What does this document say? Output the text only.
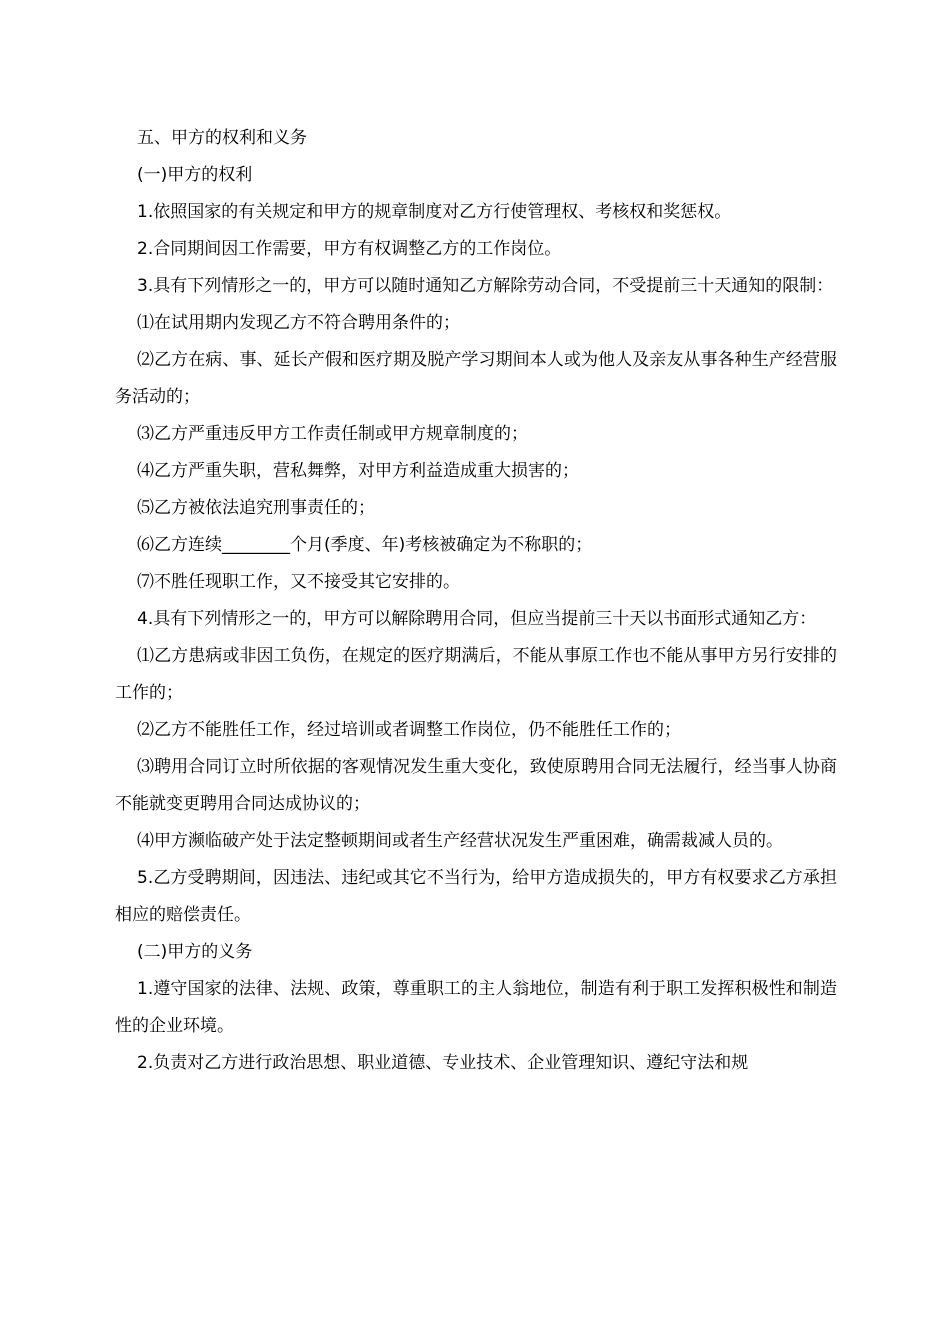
五、甲方的权利和义务

(一)甲方的权利

1.依照国家的有关规定和甲方的规章制度对乙方行使管理权、考核权和奖惩权。

2.合同期间因工作需要，甲方有权调整乙方的工作岗位。

3.具有下列情形之一的，甲方可以随时通知乙方解除劳动合同，不受提前三十天通知的限制：

⑴在试用期内发现乙方不符合聘用条件的；

⑵乙方在病、事、延长产假和医疗期及脱产学习期间本人或为他人及亲友从事各种生产经营服务活动的；

⑶乙方严重违反甲方工作责任制或甲方规章制度的；

⑷乙方严重失职，营私舞弊，对甲方利益造成重大损害的；

⑸乙方被依法追究刑事责任的；

⑹乙方连续________个月(季度、年)考核被确定为不称职的；

⑺不胜任现职工作，又不接受其它安排的。

4.具有下列情形之一的，甲方可以解除聘用合同，但应当提前三十天以书面形式通知乙方：

⑴乙方患病或非因工负伤，在规定的医疗期满后，不能从事原工作也不能从事甲方另行安排的工作的；

⑵乙方不能胜任工作，经过培训或者调整工作岗位，仍不能胜任工作的；

⑶聘用合同订立时所依据的客观情况发生重大变化，致使原聘用合同无法履行，经当事人协商不能就变更聘用合同达成协议的；

⑷甲方濒临破产处于法定整顿期间或者生产经营状况发生严重困难，确需裁减人员的。

5.乙方受聘期间，因违法、违纪或其它不当行为，给甲方造成损失的，甲方有权要求乙方承担相应的赔偿责任。

(二)甲方的义务

1.遵守国家的法律、法规、政策，尊重职工的主人翁地位，制造有利于职工发挥积极性和制造性的企业环境。

2.负责对乙方进行政治思想、职业道德、专业技术、企业管理知识、遵纪守法和规
